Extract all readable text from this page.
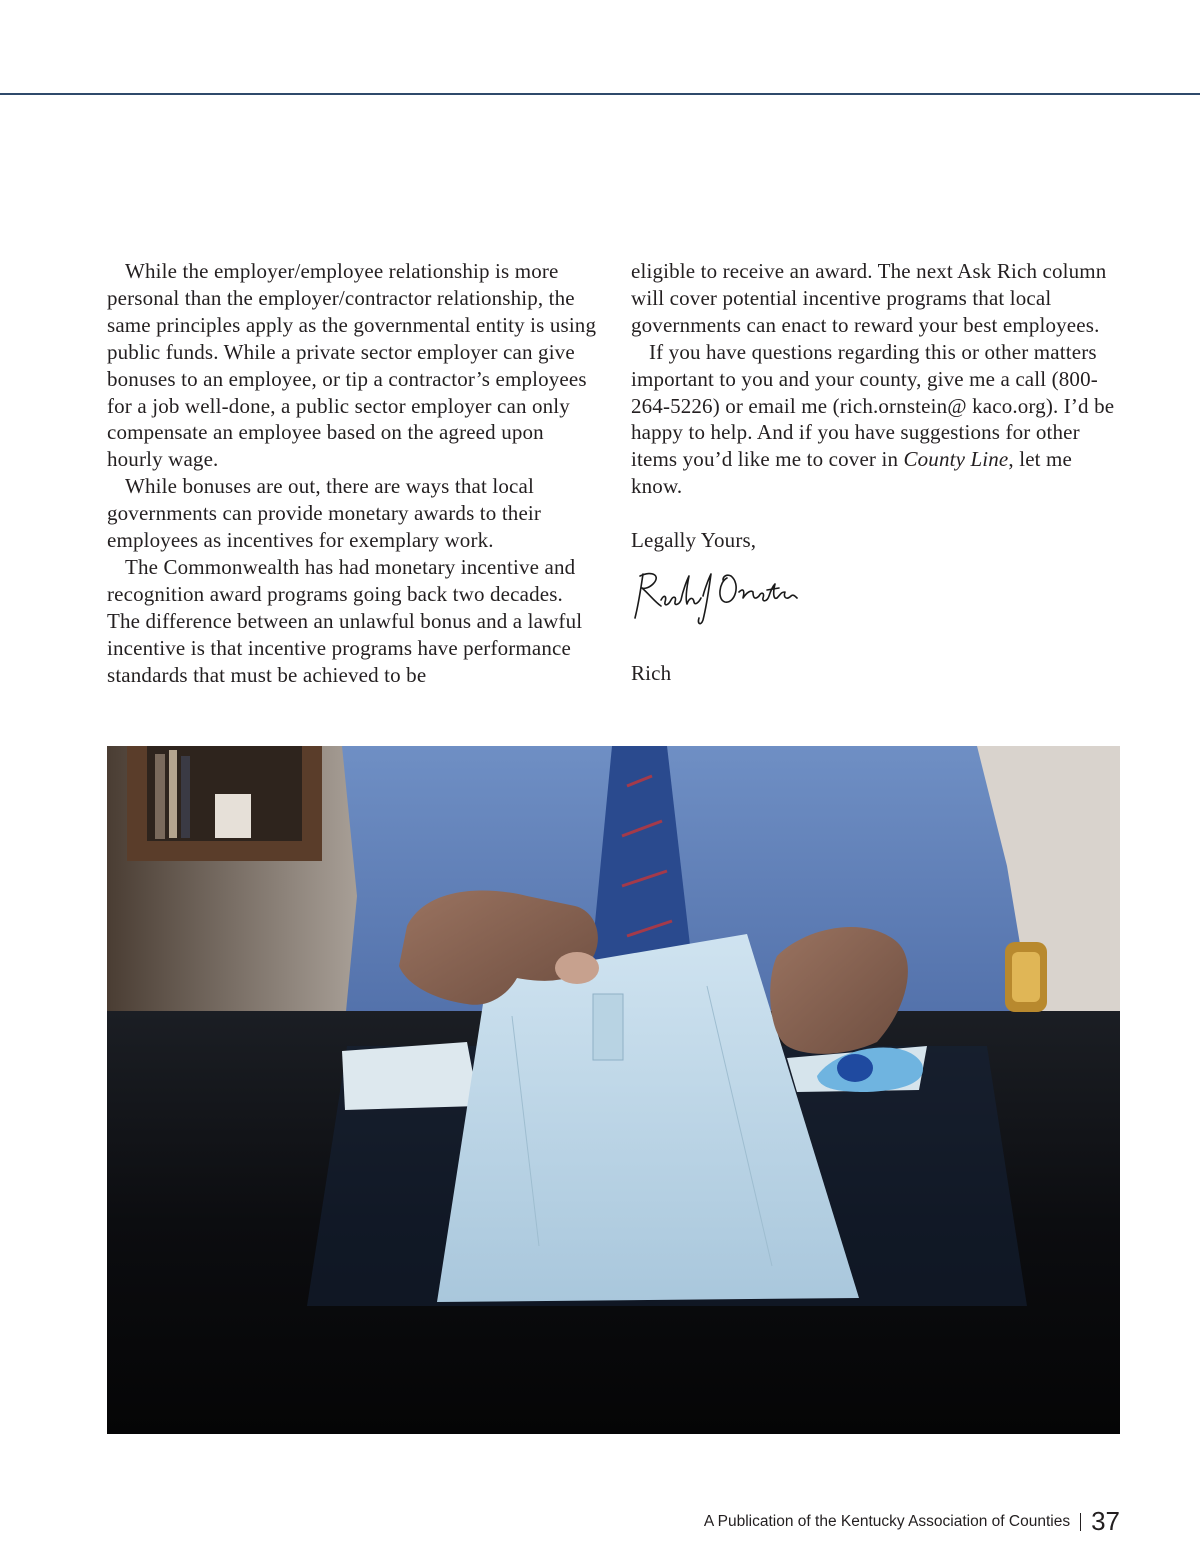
While the employer/employee relationship is more personal than the employer/contractor relationship, the same principles apply as the governmental entity is using public funds. While a private sector employer can give bonuses to an employee, or tip a contractor’s employees for a job well-done, a public sector employer can only compensate an employee based on the agreed upon hourly wage.

While bonuses are out, there are ways that local governments can provide monetary awards to their employees as incentives for exemplary work.

The Commonwealth has had monetary incentive and recognition award programs going back two decades. The difference between an unlawful bonus and a lawful incentive is that incentive programs have performance standards that must be achieved to be

eligible to receive an award. The next Ask Rich column will cover potential incentive programs that local governments can enact to reward your best employees.

If you have questions regarding this or other matters important to you and your county, give me a call (800-264-5226) or email me (rich.ornstein@ kaco.org). I’d be happy to help. And if you have suggestions for other items you’d like me to cover in County Line, let me know.

Legally Yours,

Rich

A Publication of the Kentucky Association of Counties 37
